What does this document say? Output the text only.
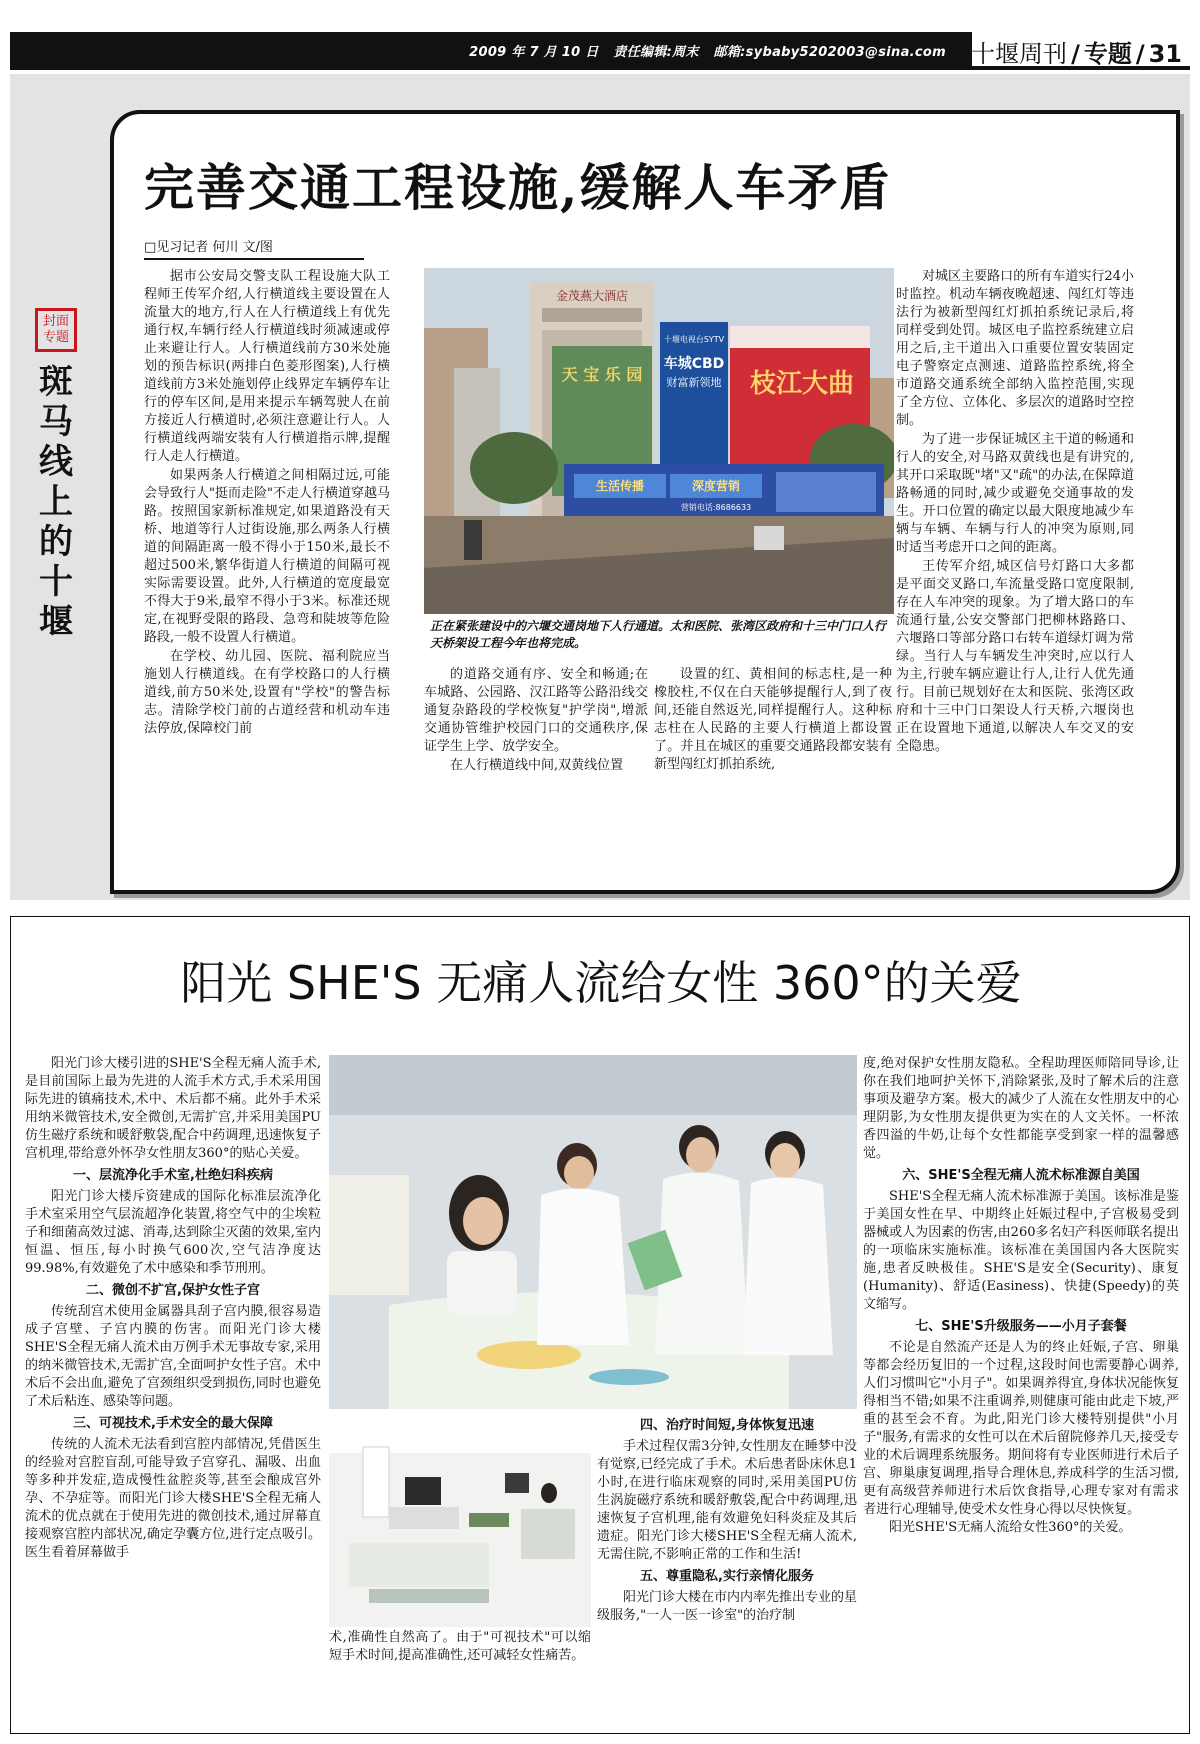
2009 年 7 月 10 日 责任编辑:周末 邮箱:sybaby5202003@sina.com 十堰周刊 / 专题 / 31
封面
专题
斑
马
线
上
的
十
堰
完善交通工程设施,缓解人车矛盾
□见习记者 何川 文/图

据市公安局交警支队工程设施大队工程师王传军介绍,人行横道线主要设置在人流量大的地方,行人在人行横道线上有优先通行权,车辆行经人行横道线时须减速或停止来避让行人。人行横道线前方30米处施划的预告标识(两排白色菱形图案),人行横道线前方3米处施划停止线界定车辆停车让行的停车区间,是用来提示车辆驾驶人在前方接近人行横道时,必须注意避让行人。人行横道线两端安装有人行横道指示牌,提醒行人走人行横道。

如果两条人行横道之间相隔过远,可能会导致行人"挺而走险"不走人行横道穿越马路。按照国家新标准规定,如果道路没有天桥、地道等行人过街设施,那么两条人行横道的间隔距离一般不得小于150米,最长不超过500米,繁华街道人行横道的间隔可视实际需要设置。此外,人行横道的宽度最宽不得大于9米,最窄不得小于3米。标准还规定,在视野受限的路段、急弯和陡坡等危险路段,一般不设置人行横道。

在学校、幼儿园、医院、福利院应当施划人行横道线。在有学校路口的人行横道线,前方50米处,设置有"学校"的警告标志。清除学校门前的占道经营和机动车违法停放,保障校门前

金茂燕大酒店
天 宝 乐 园
十堰电视台SYTV
车城CBD
财富新领地 枝江大曲
生活传播	深度营销
营销电话:8686633
正在紧张建设中的六堰交通岗地下人行通道。太和医院、张湾区政府和十三中门口人行天桥架设工程今年也将完成。

的道路交通有序、安全和畅通;在车城路、公园路、汉江路等公路沿线交通复杂路段的学校恢复"护学岗",增派交通协管维护校园门口的交通秩序,保证学生上学、放学安全。

在人行横道线中间,双黄线位置

设置的红、黄相间的标志柱,是一种橡胶柱,不仅在白天能够提醒行人,到了夜间,还能自然返光,同样提醒行人。这种标志柱在人民路的主要人行横道上都设置了。并且在城区的重要交通路段都安装有新型闯红灯抓拍系统,

对城区主要路口的所有车道实行24小时监控。机动车辆夜晚超速、闯红灯等违法行为被新型闯红灯抓拍系统记录后,将同样受到处罚。城区电子监控系统建立启用之后,主干道出入口重要位置安装固定电子警察定点测速、道路监控系统,将全市道路交通系统全部纳入监控范围,实现了全方位、立体化、多层次的道路时空控制。

为了进一步保证城区主干道的畅通和行人的安全,对马路双黄线也是有讲究的,其开口采取既"堵"又"疏"的办法,在保障道路畅通的同时,减少或避免交通事故的发生。开口位置的确定以最大限度地减少车辆与车辆、车辆与行人的冲突为原则,同时适当考虑开口之间的距离。

王传军介绍,城区信号灯路口大多都是平面交叉路口,车流量受路口宽度限制,存在人车冲突的现象。为了增大路口的车流通行量,公安交警部门把柳林路路口、六堰路口等部分路口右转车道绿灯调为常绿。当行人与车辆发生冲突时,应以行人为主,行驶车辆应避让行人,让行人优先通行。目前已规划好在太和医院、张湾区政府和十三中门口架设人行天桥,六堰岗也正在设置地下通道,以解决人车交叉的安全隐患。

阳光 SHE'S 无痛人流给女性 360°的关爱

阳光门诊大楼引进的SHE'S全程无痛人流手术,是目前国际上最为先进的人流手术方式,手术采用国际先进的镇痛技术,术中、术后都不痛。此外手术采用纳米微管技术,安全微创,无需扩宫,并采用美国PU仿生磁疗系统和暖舒敷袋,配合中药调理,迅速恢复子宫机理,带给意外怀孕女性朋友360°的贴心关爱。

一、层流净化手术室,杜绝妇科疾病

阳光门诊大楼斥资建成的国际化标准层流净化手术室采用空气层流超净化装置,将空气中的尘埃粒子和细菌高效过滤、消毒,达到除尘灭菌的效果,室内恒温、恒压,每小时换气600次,空气洁净度达99.98%,有效避免了术中感染和季节刑刑。

二、微创不扩宫,保护女性子宫

传统刮宫术使用金属器具刮子宫内膜,很容易造成子宫壁、子宫内膜的伤害。而阳光门诊大楼SHE'S全程无痛人流术由万例手术无事故专家,采用的纳米微管技术,无需扩宫,全面呵护女性子宫。术中术后不会出血,避免了宫颈组织受到损伤,同时也避免了术后粘连、感染等问题。

三、可视技术,手术安全的最大保障

传统的人流术无法看到宫腔内部情况,凭借医生的经验对宫腔盲刮,可能导致子宫穿孔、漏吸、出血等多种并发症,造成慢性盆腔炎等,甚至会酿成宫外孕、不孕症等。而阳光门诊大楼SHE'S全程无痛人流术的优点就在于使用先进的微创技术,通过屏幕直接观察宫腔内部状况,确定孕囊方位,进行定点吸引。医生看着屏幕做手

术,准确性自然高了。由于"可视技术"可以缩短手术时间,提高准确性,还可减轻女性痛苦。

四、治疗时间短,身体恢复迅速

手术过程仅需3分钟,女性朋友在睡梦中没有觉察,已经完成了手术。术后患者卧床休息1小时,在进行临床观察的同时,采用美国PU仿生涡旋磁疗系统和暖舒敷袋,配合中药调理,迅速恢复子宫机理,能有效避免妇科炎症及其后遗症。阳光门诊大楼SHE'S全程无痛人流术,无需住院,不影响正常的工作和生活!

五、尊重隐私,实行亲情化服务

阳光门诊大楼在市内内率先推出专业的星级服务,"一人一医一诊室"的治疗制

度,绝对保护女性朋友隐私。全程助理医师陪同导诊,让你在我们地呵护关怀下,消除紧张,及时了解术后的注意事项及避孕方案。极大的减少了人流在女性朋友中的心理阴影,为女性朋友提供更为实在的人文关怀。一杯浓香四溢的牛奶,让每个女性都能享受到家一样的温馨感觉。

六、SHE'S全程无痛人流术标准源自美国

SHE'S全程无痛人流术标准源于美国。该标准是鉴于美国女性在早、中期终止妊娠过程中,子宫极易受到器械或人为因素的伤害,由260多名妇产科医师联名提出的一项临床实施标准。该标准在美国国内各大医院实施,患者反映极佳。SHE'S是安全(Security)、康复(Humanity)、舒适(Easiness)、快捷(Speedy)的英文缩写。

七、SHE'S升级服务——小月子套餐

不论是自然流产还是人为的终止妊娠,子宫、卵巢等都会经历复旧的一个过程,这段时间也需要静心调养,人们习惯叫它"小月子"。如果调养得宜,身体状况能恢复得相当不错;如果不注重调养,则健康可能由此走下坡,严重的甚至会不育。为此,阳光门诊大楼特别提供"小月子"服务,有需求的女性可以在术后留院修养几天,接受专业的术后调理系统服务。期间将有专业医师进行术后子宫、卵巢康复调理,指导合理休息,养成科学的生活习惯,更有高级营养师进行术后饮食指导,心理专家对有需求者进行心理辅导,使受术女性身心得以尽快恢复。

阳光SHE'S无痛人流给女性360°的关爱。
